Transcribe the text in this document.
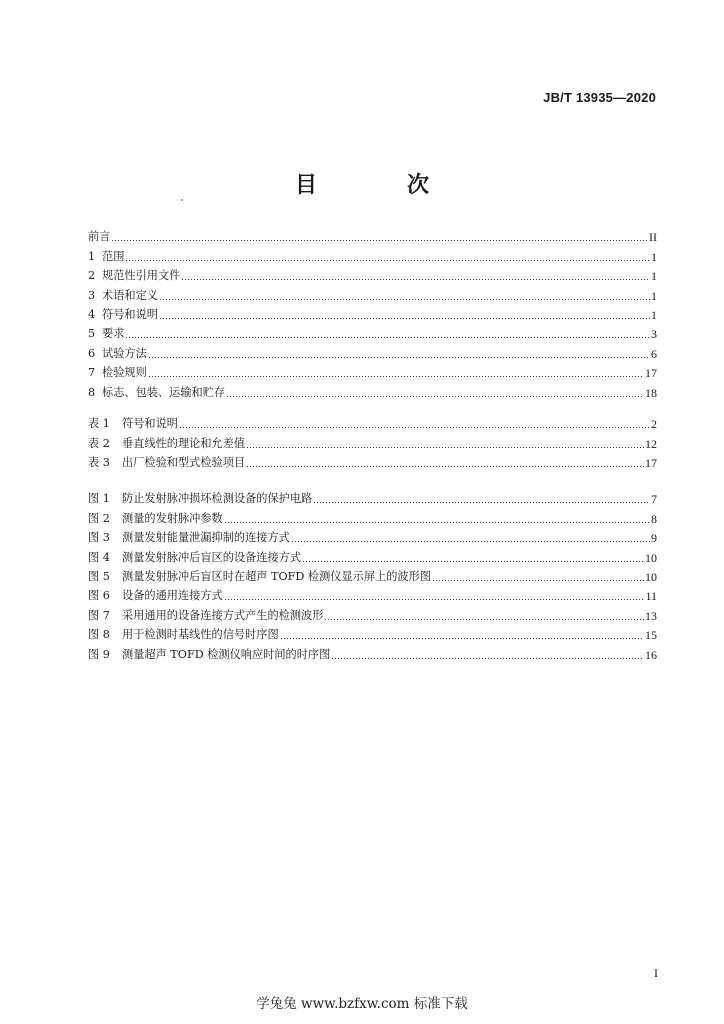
JB/T 13935—2020
目　次
前言	II
1 范围	1
2 规范性引用文件	1
3 术语和定义	1
4 符号和说明	1
5 要求	3
6 试验方法	6
7 检验规则	17
8 标志、包装、运输和贮存	18
表 1 符号和说明	2
表 2 垂直线性的理论和允差值	12
表 3 出厂检验和型式检验项目	17
图 1 防止发射脉冲损坏检测设备的保护电路	7
图 2 测量的发射脉冲参数	8
图 3 测量发射能量泄漏抑制的连接方式	9
图 4 测量发射脉冲后盲区的设备连接方式	10
图 5 测量发射脉冲后盲区时在超声 TOFD 检测仪显示屏上的波形图	10
图 6 设备的通用连接方式	11
图 7 采用通用的设备连接方式产生的检测波形	13
图 8 用于检测时基线性的信号时序图	15
图 9 测量超声 TOFD 检测仪响应时间的时序图	16
I
学兔兔 www.bzfxw.com 标准下载
